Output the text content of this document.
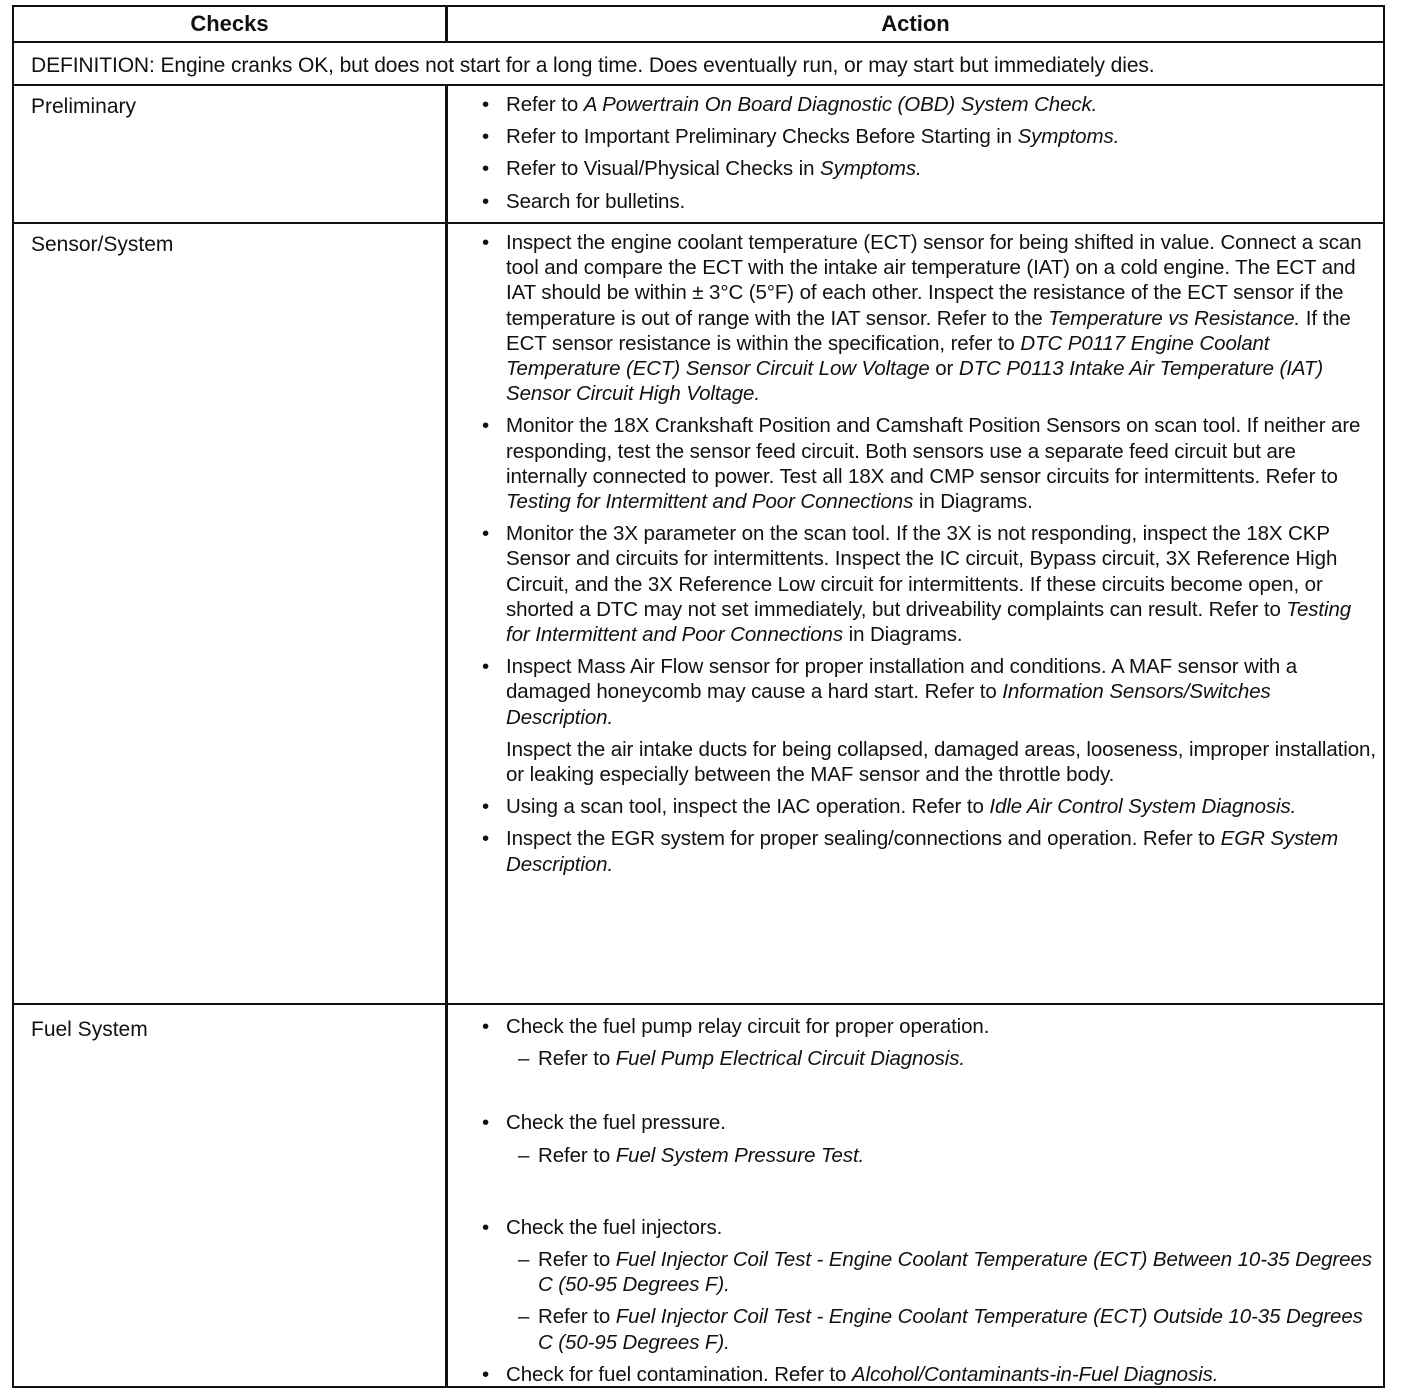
Checks	Action
DEFINITION: Engine cranks OK, but does not start for a long time. Does eventually run, or may start but immediately dies.
Preliminary	• Refer to A Powertrain On Board Diagnostic (OBD) System Check.
• Refer to Important Preliminary Checks Before Starting in Symptoms.
• Refer to Visual/Physical Checks in Symptoms.
• Search for bulletins.
Sensor/System	• Inspect the engine coolant temperature (ECT) sensor for being shifted in value. Connect a scan tool and compare the ECT with the intake air temperature (IAT) on a cold engine. The ECT and IAT should be within ± 3°C (5°F) of each other. Inspect the resistance of the ECT sensor if the temperature is out of range with the IAT sensor. Refer to the Temperature vs Resistance. If the ECT sensor resistance is within the specification, refer to DTC P0117 Engine Coolant Temperature (ECT) Sensor Circuit Low Voltage or DTC P0113 Intake Air Temperature (IAT) Sensor Circuit High Voltage.
• Monitor the 18X Crankshaft Position and Camshaft Position Sensors on scan tool. If neither are responding, test the sensor feed circuit. Both sensors use a separate feed circuit but are internally connected to power. Test all 18X and CMP sensor circuits for intermittents. Refer to Testing for Intermittent and Poor Connections in Diagrams.
• Monitor the 3X parameter on the scan tool. If the 3X is not responding, inspect the 18X CKP Sensor and circuits for intermittents. Inspect the IC circuit, Bypass circuit, 3X Reference High Circuit, and the 3X Reference Low circuit for intermittents. If these circuits become open, or shorted a DTC may not set immediately, but driveability complaints can result. Refer to Testing for Intermittent and Poor Connections in Diagrams.
• Inspect Mass Air Flow sensor for proper installation and conditions. A MAF sensor with a damaged honeycomb may cause a hard start. Refer to Information Sensors/Switches Description.
Inspect the air intake ducts for being collapsed, damaged areas, looseness, improper installation, or leaking especially between the MAF sensor and the throttle body.
• Using a scan tool, inspect the IAC operation. Refer to Idle Air Control System Diagnosis.
• Inspect the EGR system for proper sealing/connections and operation. Refer to EGR System Description.
Fuel System	• Check the fuel pump relay circuit for proper operation.
– Refer to Fuel Pump Electrical Circuit Diagnosis.
• Check the fuel pressure.
– Refer to Fuel System Pressure Test.
• Check the fuel injectors.
– Refer to Fuel Injector Coil Test - Engine Coolant Temperature (ECT) Between 10-35 Degrees C (50-95 Degrees F).
– Refer to Fuel Injector Coil Test - Engine Coolant Temperature (ECT) Outside 10-35 Degrees C (50-95 Degrees F).
• Check for fuel contamination. Refer to Alcohol/Contaminants-in-Fuel Diagnosis.
